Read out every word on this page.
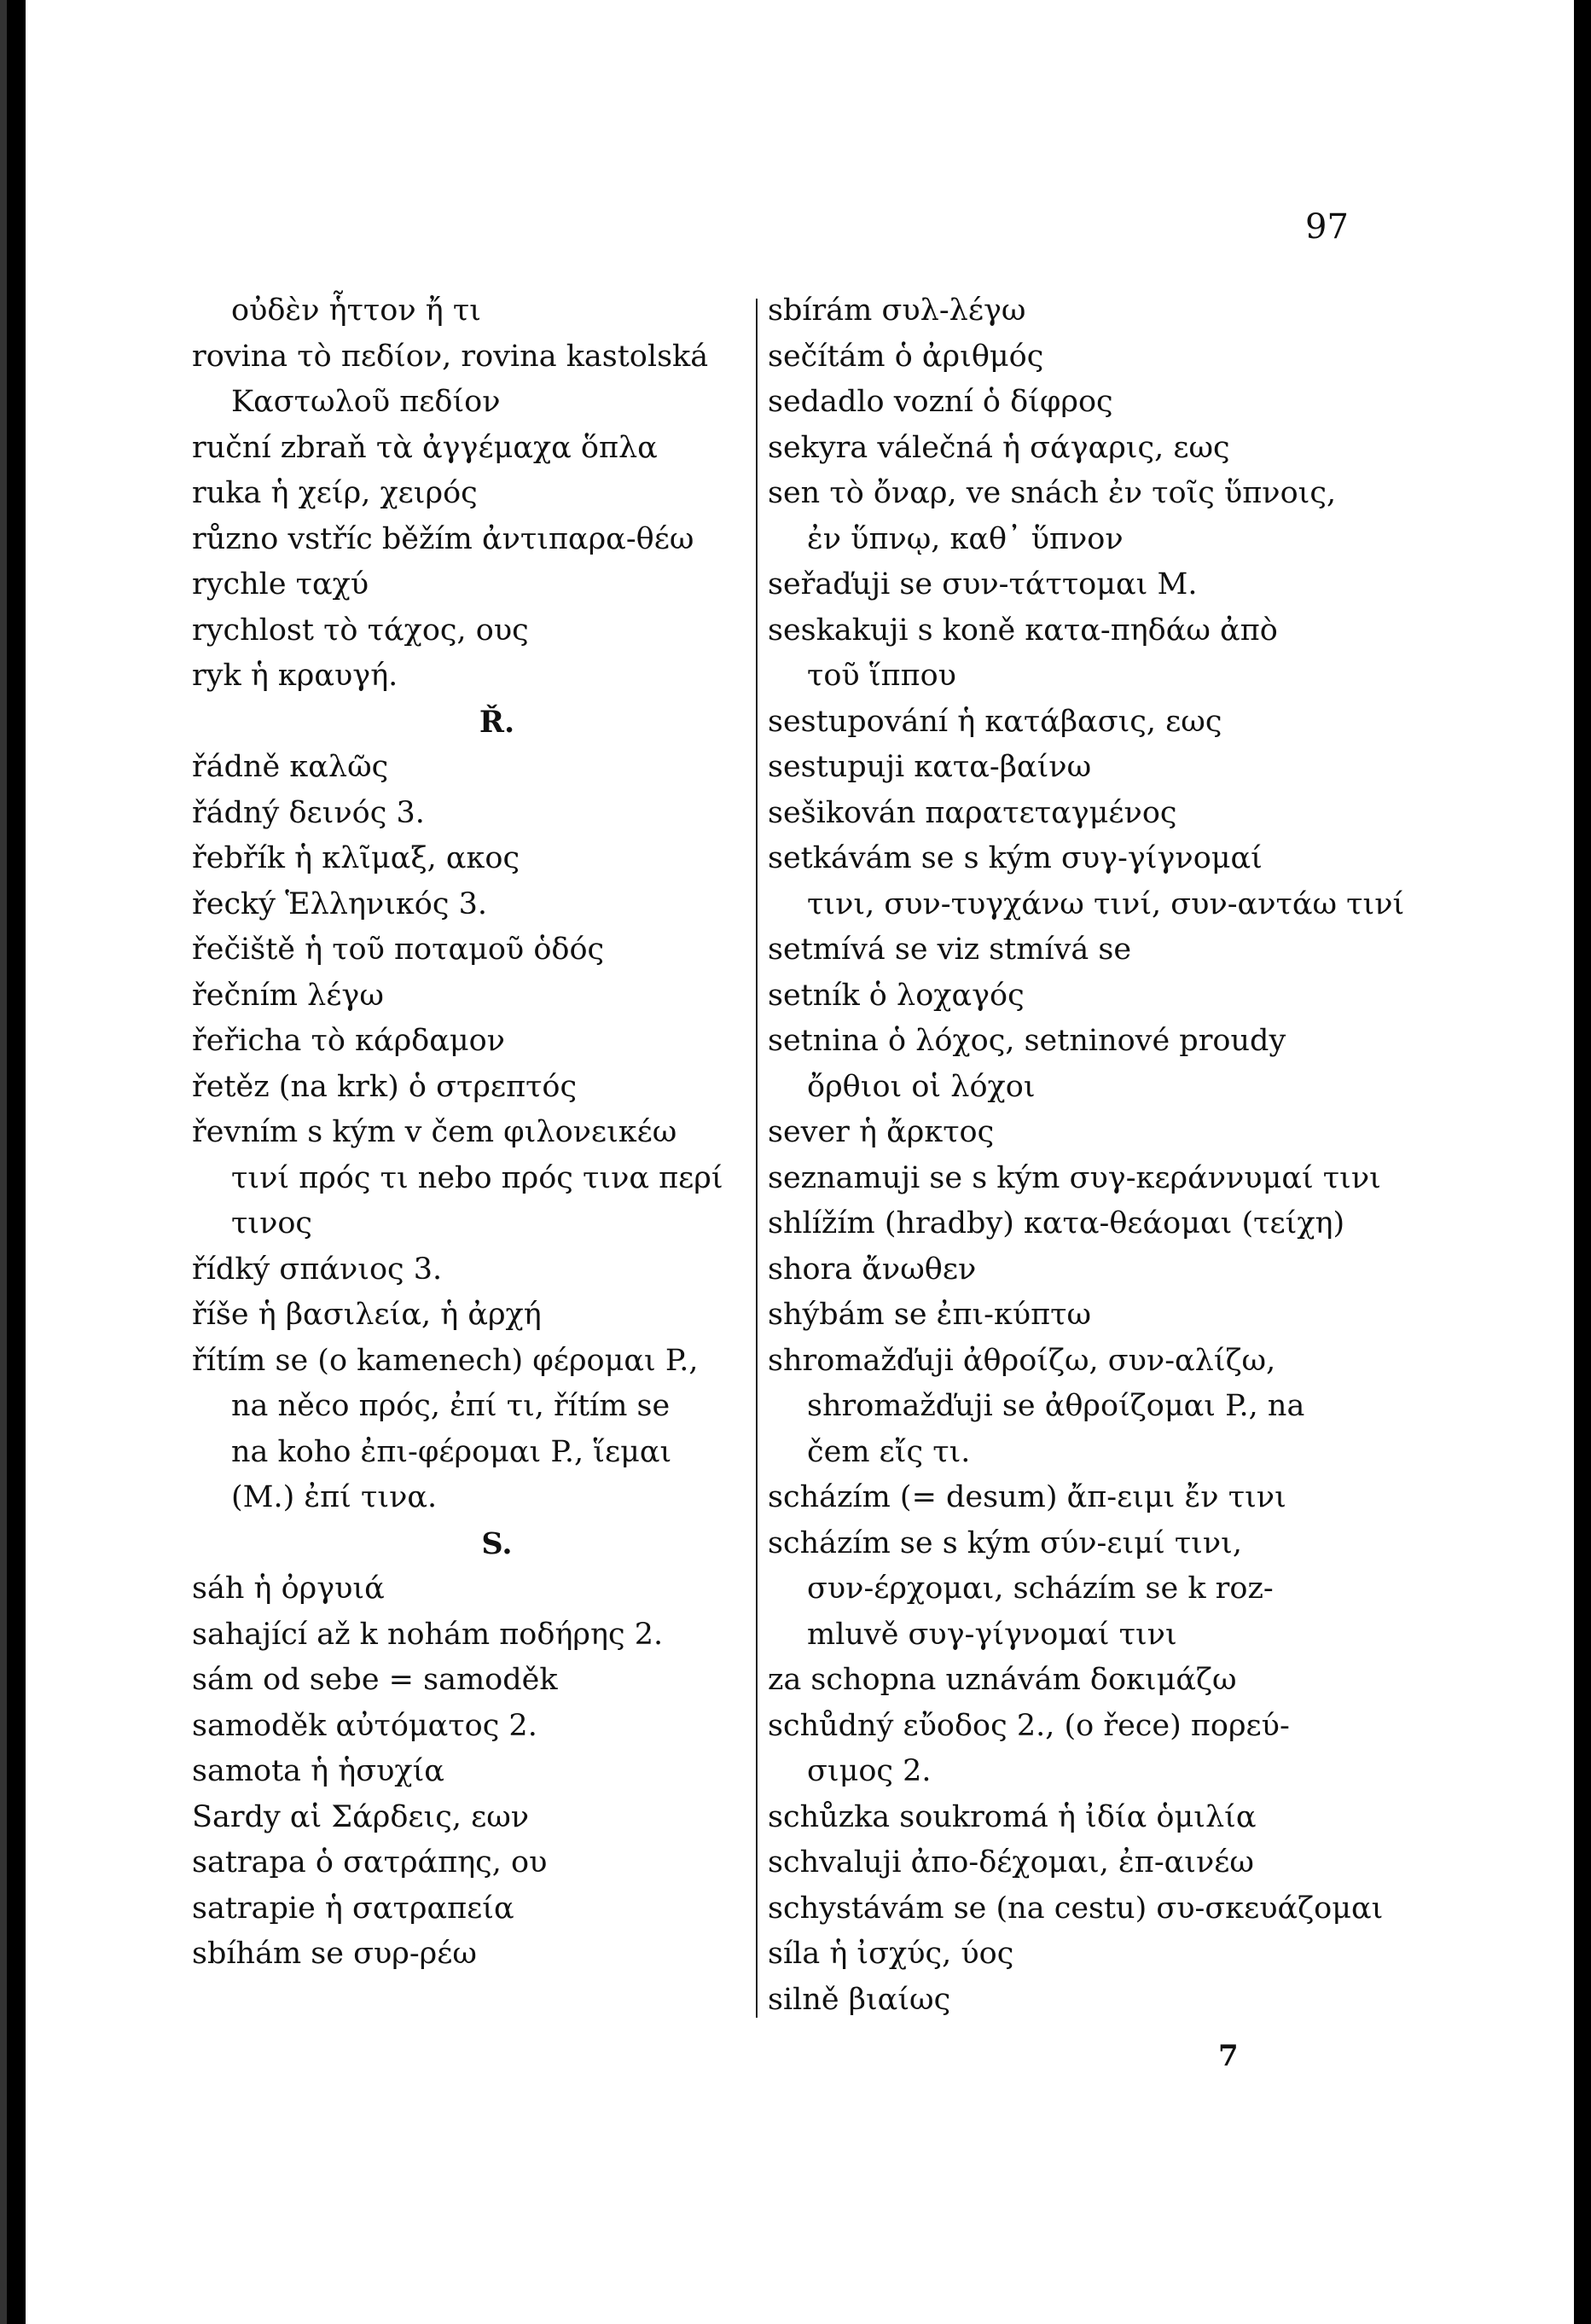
97
οὐδὲν ἧττον ἤ τι
rovina τὸ πεδίον, rovina kastolská
Καστωλοῦ πεδίον
ruční zbraň τὰ ἀγγέμαχα ὅπλα
ruka ἡ χείρ, χειρός
různo vstříc běžím ἀντιπαρα-θέω
rychle ταχύ
rychlost τὸ τάχος, ους
ryk ἡ κραυγή.
Ř.
řádně καλῶς
řádný δεινός 3.
řebřík ἡ κλῖμαξ, ακος
řecký Ἑλληνικός 3.
řečiště ἡ τοῦ ποταμοῦ ὁδός
řečním λέγω
řeřicha τὸ κάρδαμον
řetěz (na krk) ὁ στρεπτός
řevním s kým v čem φιλονεικέω
τινί πρός τι nebo πρός τινα περί
τινος
řídký σπάνιος 3.
říše ἡ βασιλεία, ἡ ἀρχή
řítím se (o kamenech) φέρομαι P.,
na něco πρός, ἐπί τι, řítím se
na koho ἐπι-φέρομαι P., ἵεμαι
(M.) ἐπί τινα.
S.
sáh ἡ ὀργυιά
sahající až k nohám ποδήρης 2.
sám od sebe = samoděk
samoděk αὐτόματος 2.
samota ἡ ἡσυχία
Sardy αἱ Σάρδεις, εων
satrapa ὁ σατράπης, ου
satrapie ἡ σατραπεία
sbíhám se συρ-ρέω
sbírám συλ-λέγω
sečítám ὁ ἀριθμός
sedadlo vozní ὁ δίφρος
sekyra válečná ἡ σάγαρις, εως
sen τὸ ὄναρ, ve snách ἐν τοῖς ὕπνοις,
ἐν ὕπνῳ, καθ᾽ ὕπνον
seřaďuji se συν-τάττομαι M.
seskakuji s koně κατα-πηδάω ἀπὸ
τοῦ ἵππου
sestupování ἡ κατάβασις, εως
sestupuji κατα-βαίνω
sešikován παρατεταγμένος
setkávám se s kým συγ-γίγνομαί
τινι, συν-τυγχάνω τινί, συν-αντάω τινί
setmívá se viz stmívá se
setník ὁ λοχαγός
setnina ὁ λόχος, setninové proudy
ὄρθιοι οἱ λόχοι
sever ἡ ἄρκτος
seznamuji se s kým συγ-κεράννυμαί τινι
shlížím (hradby) κατα-θεάομαι (τείχη)
shora ἄνωθεν
shýbám se ἐπι-κύπτω
shromažďuji ἀθροίζω, συν-αλίζω,
shromažďuji se ἀθροίζομαι P., na
čem εἴς τι.
scházím (= desum) ἄπ-ειμι ἔν τινι
scházím se s kým σύν-ειμί τινι,
συν-έρχομαι, scházím se k roz-
mluvě συγ-γίγνομαί τινι
za schopna uznávám δοκιμάζω
schůdný εὔοδος 2., (o řece) πορεύ-
σιμος 2.
schůzka soukromá ἡ ἰδία ὁμιλία
schvaluji ἀπο-δέχομαι, ἐπ-αινέω
schystávám se (na cestu) συ-σκευάζομαι
síla ἡ ἰσχύς, ύος
silně βιαίως
7
